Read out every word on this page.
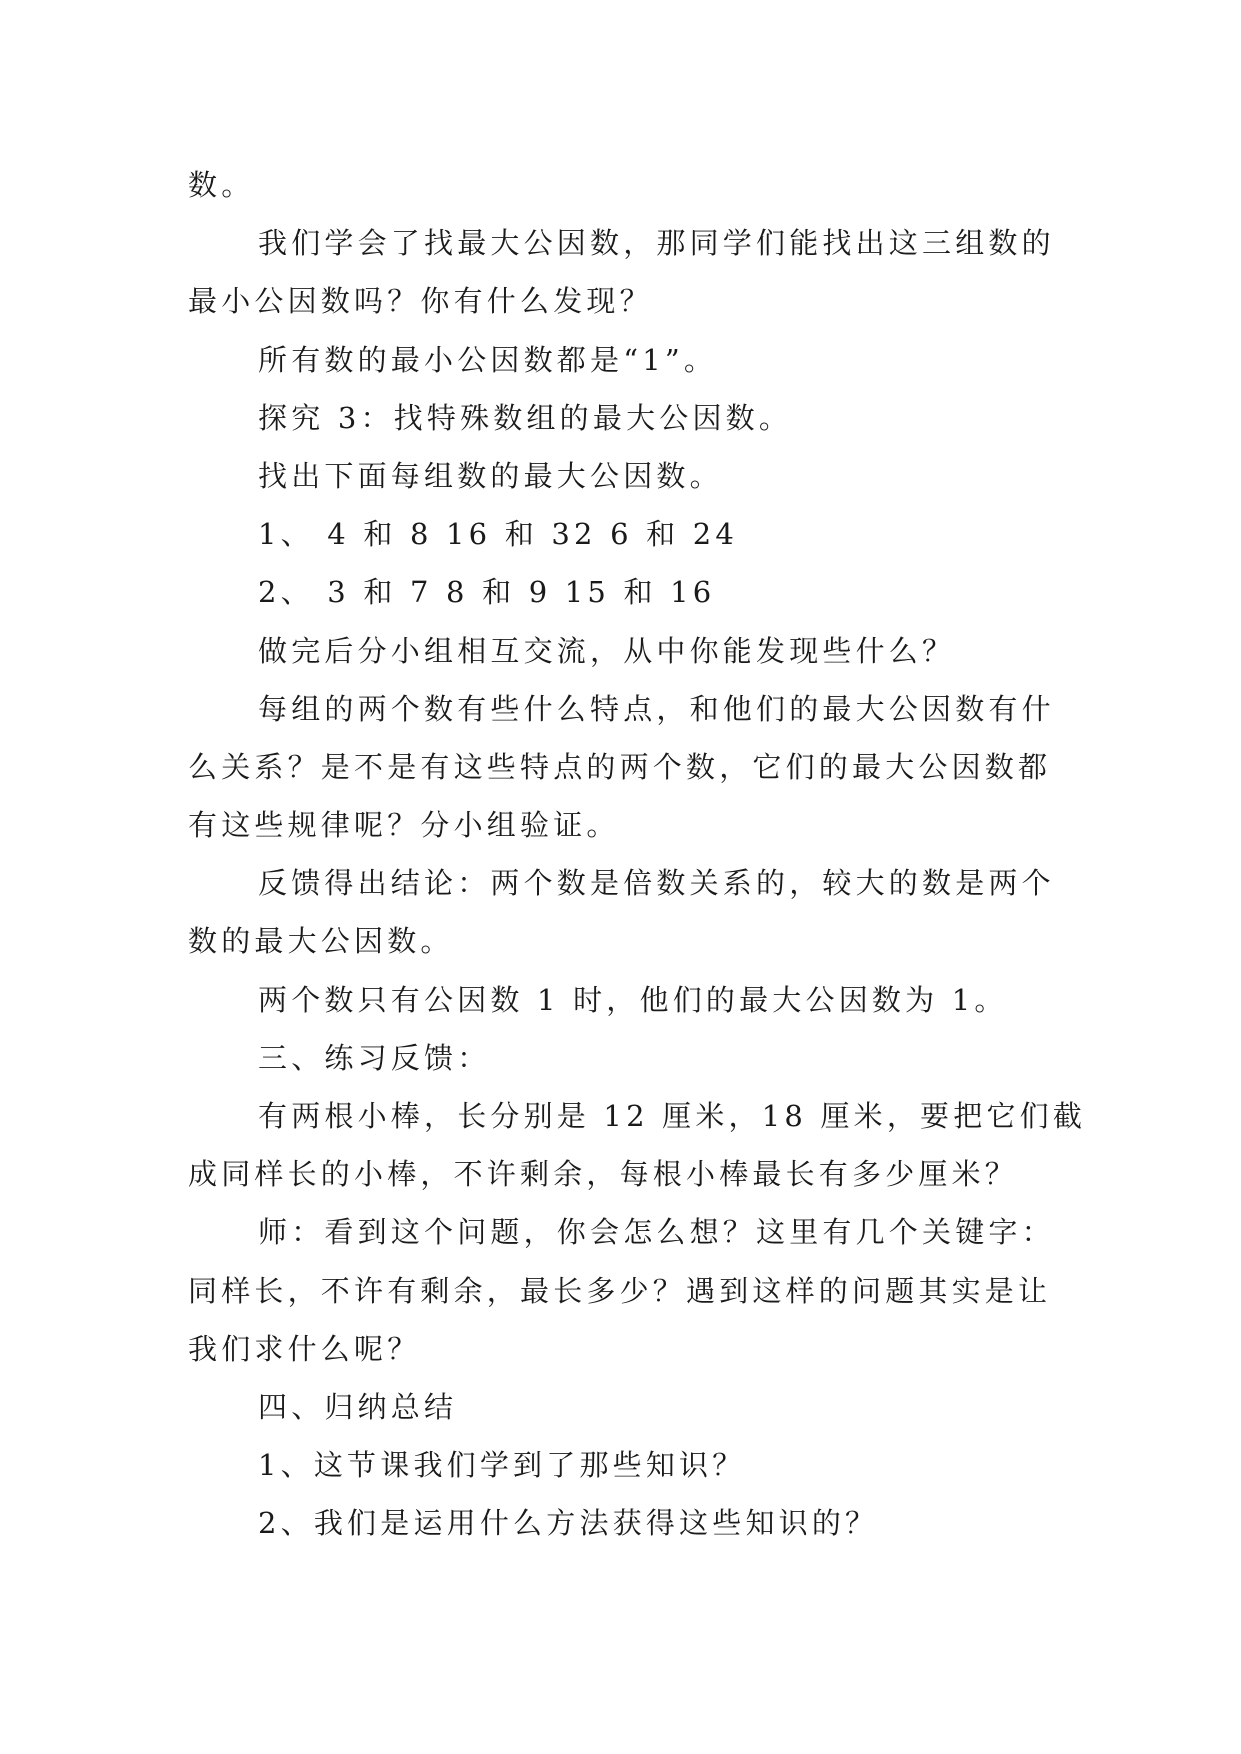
数。

我们学会了找最大公因数，那同学们能找出这三组数的

最小公因数吗？你有什么发现？

所有数的最小公因数都是“1”。

探究 3：找特殊数组的最大公因数。

找出下面每组数的最大公因数。

1、 4 和 8 16 和 32 6 和 24

2、 3 和 7 8 和 9 15 和 16

做完后分小组相互交流，从中你能发现些什么？

每组的两个数有些什么特点，和他们的最大公因数有什

么关系？是不是有这些特点的两个数，它们的最大公因数都

有这些规律呢？分小组验证。

反馈得出结论：两个数是倍数关系的，较大的数是两个

数的最大公因数。

两个数只有公因数 1 时，他们的最大公因数为 1。

三、练习反馈：

有两根小棒，长分别是 12 厘米，18 厘米，要把它们截

成同样长的小棒，不许剩余，每根小棒最长有多少厘米？

师：看到这个问题，你会怎么想？这里有几个关键字：

同样长，不许有剩余，最长多少？遇到这样的问题其实是让

我们求什么呢？

四、归纳总结

1、这节课我们学到了那些知识？

2、我们是运用什么方法获得这些知识的？
